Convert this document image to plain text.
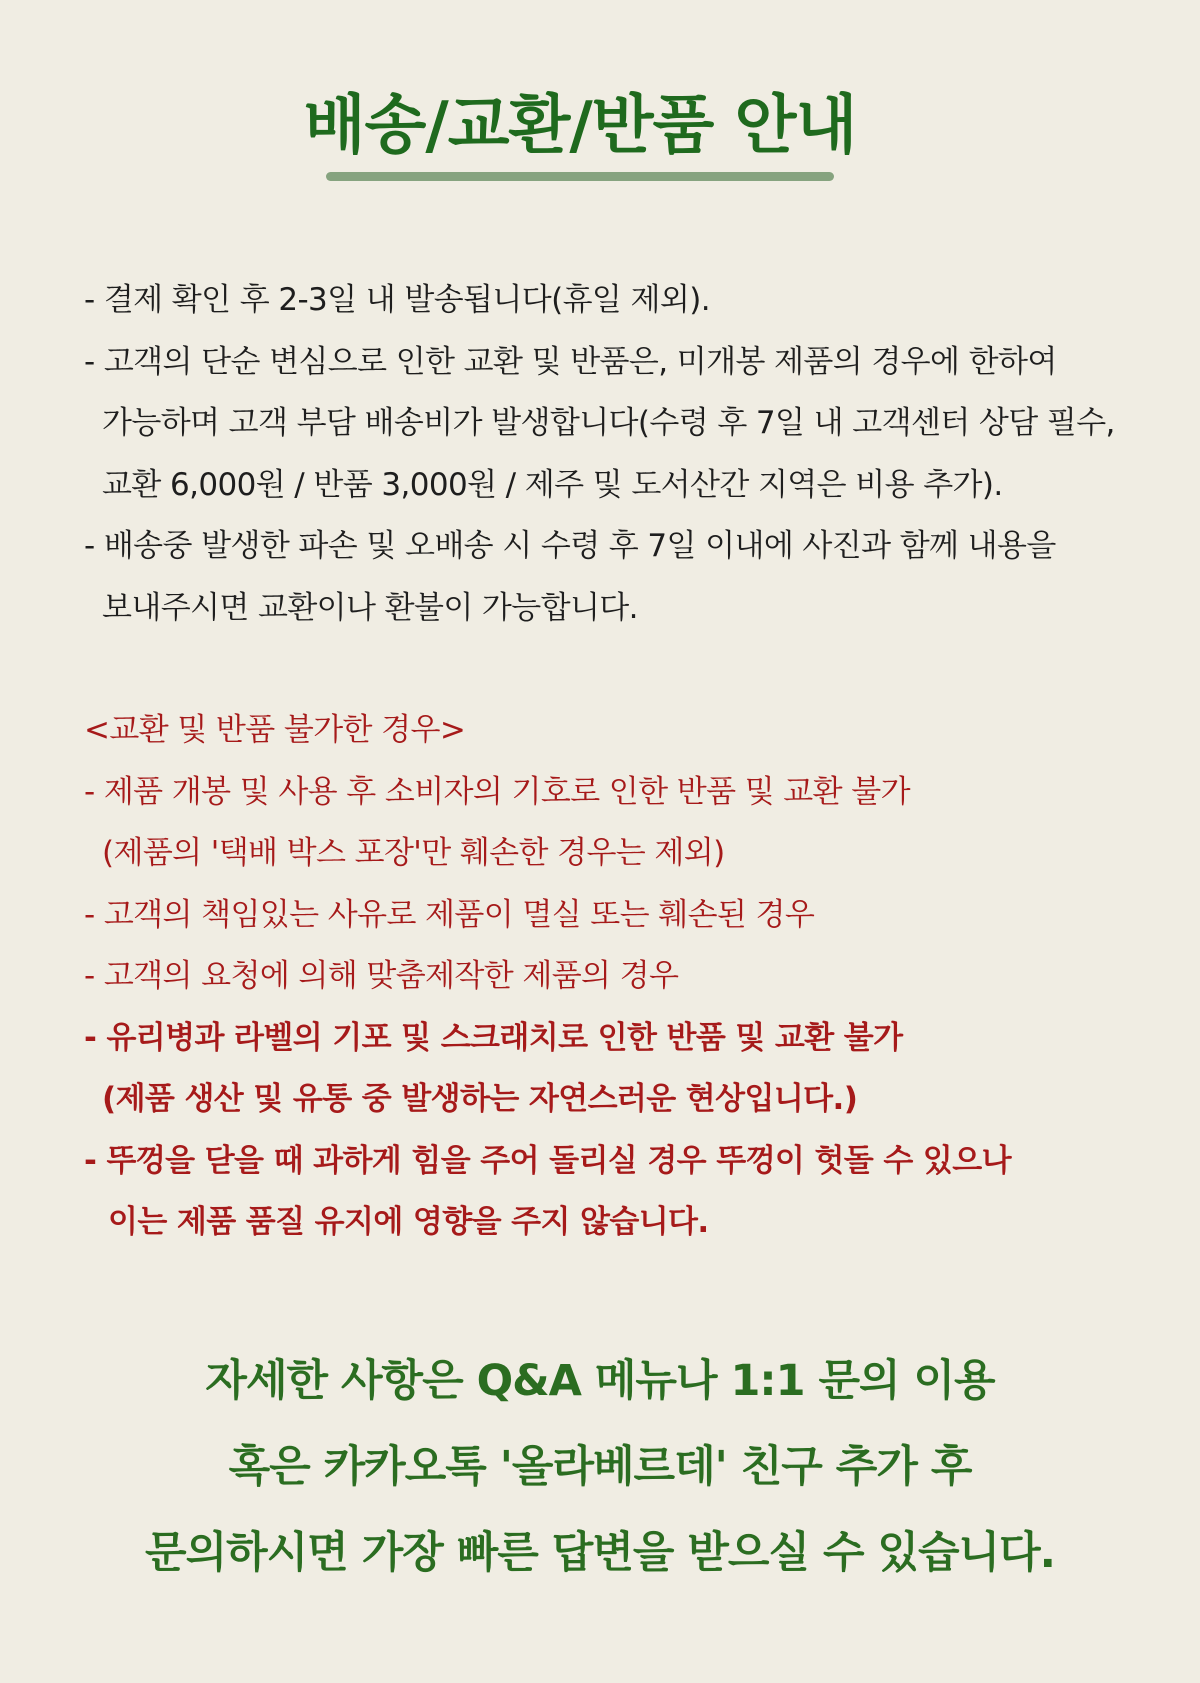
배송/교환/반품 안내
- 결제 확인 후 2-3일 내 발송됩니다(휴일 제외).
- 고객의 단순 변심으로 인한 교환 및 반품은, 미개봉 제품의 경우에 한하여
가능하며 고객 부담 배송비가 발생합니다(수령 후 7일 내 고객센터 상담 필수,
교환 6,000원 / 반품 3,000원 / 제주 및 도서산간 지역은 비용 추가).
- 배송중 발생한 파손 및 오배송 시 수령 후 7일 이내에 사진과 함께 내용을
보내주시면 교환이나 환불이 가능합니다.
<교환 및 반품 불가한 경우>
- 제품 개봉 및 사용 후 소비자의 기호로 인한 반품 및 교환 불가
(제품의 '택배 박스 포장'만 훼손한 경우는 제외)
- 고객의 책임있는 사유로 제품이 멸실 또는 훼손된 경우
- 고객의 요청에 의해 맞춤제작한 제품의 경우
- 유리병과 라벨의 기포 및 스크래치로 인한 반품 및 교환 불가
(제품 생산 및 유통 중 발생하는 자연스러운 현상입니다.)
- 뚜껑을 닫을 때 과하게 힘을 주어 돌리실 경우 뚜껑이 헛돌 수 있으나
이는 제품 품질 유지에 영향을 주지 않습니다.
자세한 사항은 Q&A 메뉴나 1:1 문의 이용
혹은 카카오톡 '올라베르데' 친구 추가 후
문의하시면 가장 빠른 답변을 받으실 수 있습니다.
